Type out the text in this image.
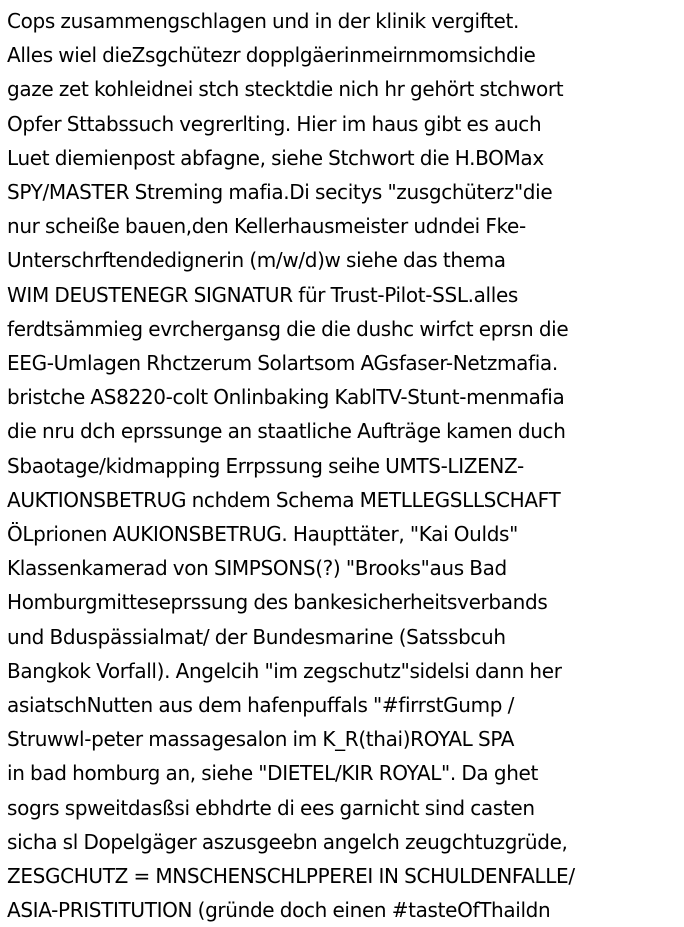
Cops zusammengschlagen und in der klinik vergiftet.
Alles wiel dieZsgchütezr dopplgäerinmeirnmomsichdie
gaze zet kohleidnei stch stecktdie nich hr gehört stchwort
Opfer Sttabssuch vegrerlting. Hier im haus gibt es auch
Luet diemienpost abfagne, siehe Stchwort die H.BOMax
SPY/MASTER Streming mafia.Di secitys "zusgchüterz"die
nur scheiße bauen,den Kellerhausmeister udndei Fke-
Unterschrftendedignerin (m/w/d)w siehe das thema
WIM DEUSTENEGR SIGNATUR für Trust-Pilot-SSL.alles
ferdtsämmieg evrchergansg die die dushc wirfct eprsn die
EEG-Umlagen Rhctzerum Solartsom AGsfaser-Netzmafia.
bristche AS8220-colt Onlinbaking KablTV-Stunt-menmafia
die nru dch eprssunge an staatliche Aufträge kamen duch
Sbaotage/kidmapping Errpssung seihe UMTS-LIZENZ-
AUKTIONSBETRUG nchdem Schema METLLEGSLLSCHAFT
ÖLprionen AUKIONSBETRUG. Haupttäter, "Kai Oulds"
Klassenkamerad von SIMPSONS(?) "Brooks"aus Bad
Homburgmitteseprssung des bankesicherheitsverbands
und Bduspässialmat/ der Bundesmarine (Satssbcuh
Bangkok Vorfall). Angelcih "im zegschutz"sidelsi dann her
asiatschNutten aus dem hafenpuffals "#firrstGump /
Struwwl-peter massagesalon im K_R(thai)ROYAL SPA
in bad homburg an, siehe "DIETEL/KIR ROYAL". Da ghet
sogrs spweitdasßsi ebhdrte di ees garnicht sind casten
sicha sl Dopelgäger aszusgeebn angelch zeugchtuzgrüde,
ZESGCHUTZ = MNSCHENSCHLPPEREI IN SCHULDENFALLE/
ASIA-PRISTITUTION (gründe doch einen #tasteOfThaildn
